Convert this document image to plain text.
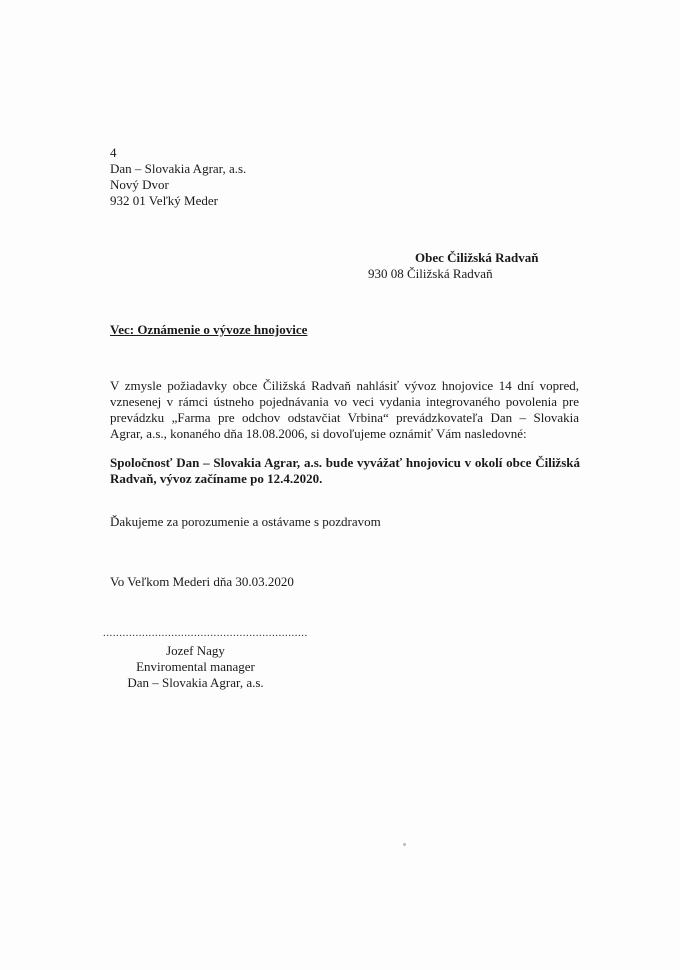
4
Dan – Slovakia Agrar, a.s.
Nový Dvor
932 01 Veľký Meder
Obec Čiližská Radvaň
930 08 Čiližská Radvaň
Vec: Oznámenie o vývoze hnojovice
V zmysle požiadavky obce Čiližská Radvaň nahlásiť vývoz hnojovice 14 dní vopred,
vznesenej v rámci ústneho pojednávania vo veci vydania integrovaného povolenia pre
prevádzku „Farma pre odchov odstavčiat Vrbina“ prevádzkovateľa Dan – Slovakia
Agrar, a.s., konaného dňa 18.08.2006, si dovoľujeme oznámiť Vám nasledovné:
Spoločnosť Dan – Slovakia Agrar, a.s. bude vyvážať hnojovicu v okolí obce Čiližská
Radvaň, vývoz začíname po 12.4.2020.
Ďakujeme za porozumenie a ostávame s pozdravom
Vo Veľkom Mederi dňa 30.03.2020
...............................................................
Jozef Nagy
Enviromental manager
Dan – Slovakia Agrar, a.s.
